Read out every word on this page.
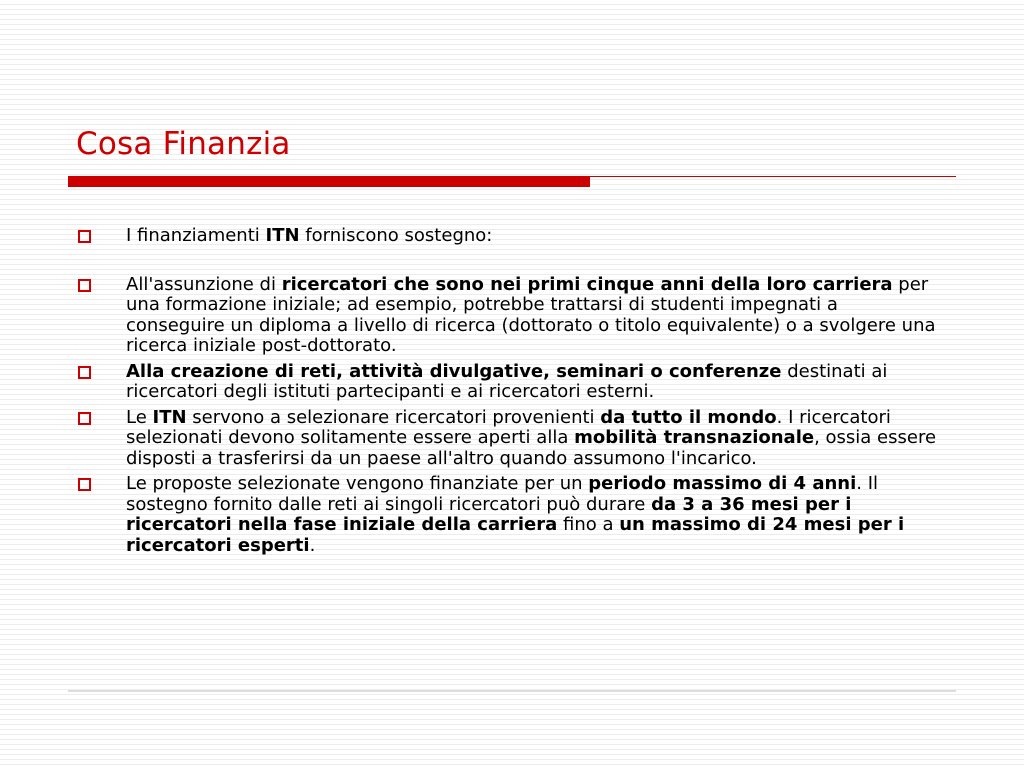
Cosa Finanzia
I finanziamenti ITN forniscono sostegno:
All'assunzione di ricercatori che sono nei primi cinque anni della loro carriera per una formazione iniziale; ad esempio, potrebbe trattarsi di studenti impegnati a conseguire un diploma a livello di ricerca (dottorato o titolo equivalente) o a svolgere una ricerca iniziale post-dottorato.
Alla creazione di reti, attività divulgative, seminari o conferenze destinati ai ricercatori degli istituti partecipanti e ai ricercatori esterni.
Le ITN servono a selezionare ricercatori provenienti da tutto il mondo. I ricercatori selezionati devono solitamente essere aperti alla mobilità transnazionale, ossia essere disposti a trasferirsi da un paese all'altro quando assumono l'incarico.
Le proposte selezionate vengono finanziate per un periodo massimo di 4 anni. Il sostegno fornito dalle reti ai singoli ricercatori può durare da 3 a 36 mesi per i ricercatori nella fase iniziale della carriera fino a un massimo di 24 mesi per i ricercatori esperti.
